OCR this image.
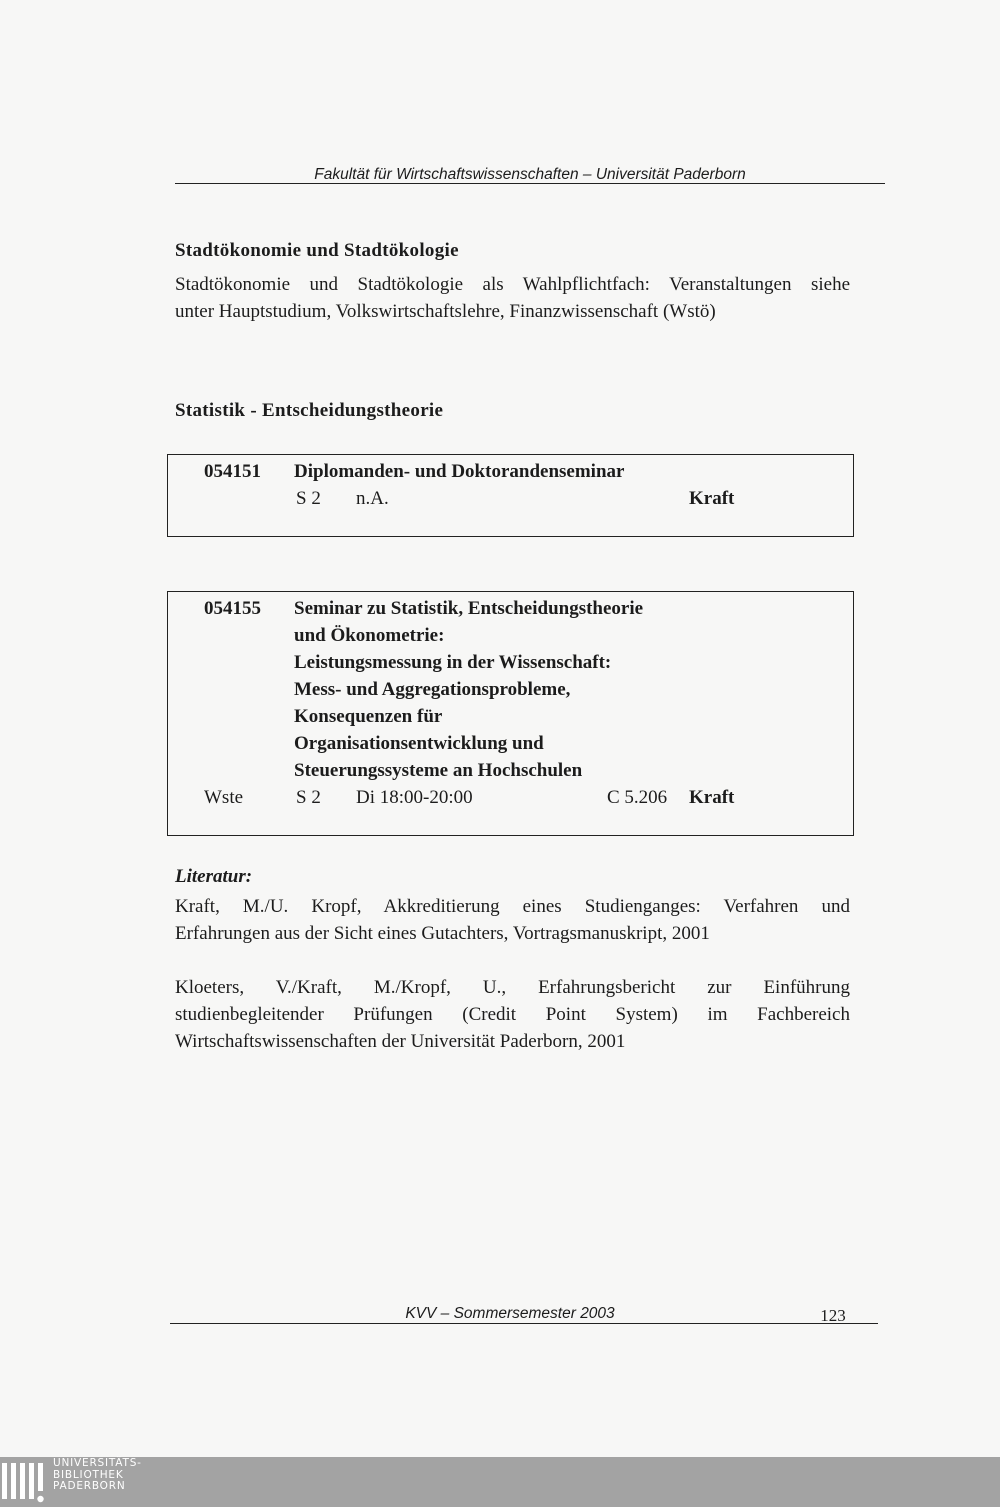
Fakultät für Wirtschaftswissenschaften – Universität Paderborn
Stadtökonomie und Stadtökologie
Stadtökonomie und Stadtökologie als Wahlpflichtfach: Veranstaltungen siehe
unter Hauptstudium, Volkswirtschaftslehre, Finanzwissenschaft (Wstö)
Statistik - Entscheidungstheorie
054151 Diplomanden- und Doktorandenseminar
S 2 n.A.	Kraft
054155 Seminar zu Statistik, Entscheidungstheorie
und Ökonometrie:
Leistungsmessung in der Wissenschaft:
Mess- und Aggregationsprobleme,
Konsequenzen für
Organisationsentwicklung und
Steuerungssysteme an Hochschulen
Wste	S 2 Di 18:00-20:00	C 5.206 Kraft
Literatur:
Kraft, M./U. Kropf, Akkreditierung eines Studienganges: Verfahren und
Erfahrungen aus der Sicht eines Gutachters, Vortragsmanuskript, 2001
Kloeters, V./Kraft, M./Kropf, U., Erfahrungsbericht zur Einführung
studienbegleitender Prüfungen (Credit Point System) im Fachbereich
Wirtschaftswissenschaften der Universität Paderborn, 2001
KVV – Sommersemester 2003	123
UNIVERSITÄTS-
BIBLIOTHEK
PADERBORN
